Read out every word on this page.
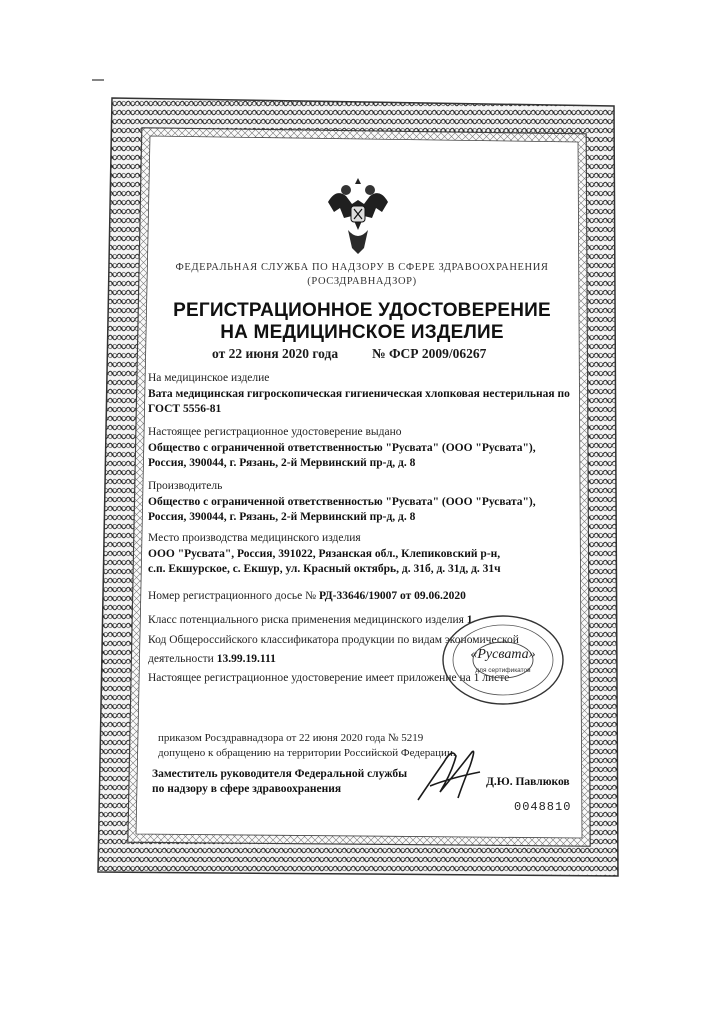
ФЕДЕРАЛЬНАЯ СЛУЖБА ПО НАДЗОРУ В СФЕРЕ ЗДРАВООХРАНЕНИЯ
(РОСЗДРАВНАДЗОР)
РЕГИСТРАЦИОННОЕ УДОСТОВЕРЕНИЕ
НА МЕДИЦИНСКОЕ ИЗДЕЛИЕ
от 22 июня 2020 года	№ ФСР 2009/06267
На медицинское изделие
Вата медицинская гигроскопическая гигиеническая хлопковая нестерильная по
ГОСТ 5556-81
Настоящее регистрационное удостоверение выдано
Общество с ограниченной ответственностью "Русвата" (ООО "Русвата"),
Россия, 390044, г. Рязань, 2-й Мервинский пр-д, д. 8
Производитель
Общество с ограниченной ответственностью "Русвата" (ООО "Русвата"),
Россия, 390044, г. Рязань, 2-й Мервинский пр-д, д. 8
Место производства медицинского изделия
ООО "Русвата", Россия, 391022, Рязанская обл., Клепиковский р-н,
с.п. Екшурское, с. Екшур, ул. Красный октябрь, д. 31б, д. 31д, д. 31ч
Номер регистрационного досье № РД-33646/19007 от 09.06.2020
Класс потенциального риска применения медицинского изделия 1
Код Общероссийского классификатора продукции по видам экономической
деятельности 13.99.19.111
Настоящее регистрационное удостоверение имеет приложение на 1 листе
«Русвата»
для сертификатов
приказом Росздравнадзора от 22 июня 2020 года № 5219
допущено к обращению на территории Российской Федерации.
Заместитель руководителя Федеральной службы
по надзору в сфере здравоохранения
Д.Ю. Павлюков
0048810
